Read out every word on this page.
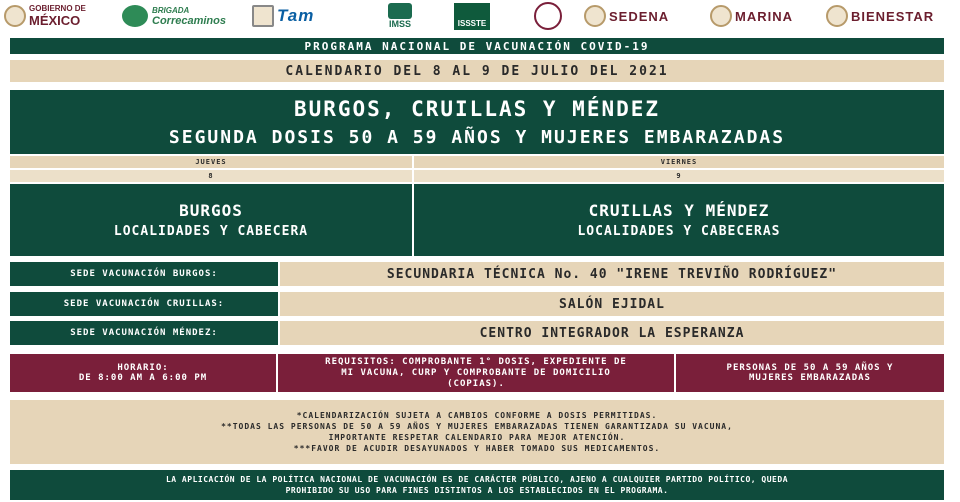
GOBIERNO DE
MÉXICO
BRIGADA
Correcaminos	Tam	IMSS	ISSSTE	SEDENA	MARINA	BIENESTAR
PROGRAMA NACIONAL DE VACUNACIÓN COVID-19
CALENDARIO DEL 8 AL 9 DE JULIO DEL 2021
BURGOS, CRUILLAS Y MÉNDEZ
SEGUNDA DOSIS 50 A 59 AÑOS Y MUJERES EMBARAZADAS
JUEVES	VIERNES
8	9
BURGOS
LOCALIDADES Y CABECERA
CRUILLAS Y MÉNDEZ
LOCALIDADES Y CABECERAS
SEDE VACUNACIÓN BURGOS:	SECUNDARIA TÉCNICA No. 40 "IRENE TREVIÑO RODRÍGUEZ"
SEDE VACUNACIÓN CRUILLAS:	SALÓN EJIDAL
SEDE VACUNACIÓN MÉNDEZ:	CENTRO INTEGRADOR LA ESPERANZA
HORARIO:
DE 8:00 AM A 6:00 PM
REQUISITOS: COMPROBANTE 1° DOSIS, EXPEDIENTE DE
MI VACUNA, CURP Y COMPROBANTE DE DOMICILIO
(COPIAS).
PERSONAS DE 50 A 59 AÑOS Y
MUJERES EMBARAZADAS
*CALENDARIZACIÓN SUJETA A CAMBIOS CONFORME A DOSIS PERMITIDAS.
**TODAS LAS PERSONAS DE 50 A 59 AÑOS Y MUJERES EMBARAZADAS TIENEN GARANTIZADA SU VACUNA,
IMPORTANTE RESPETAR CALENDARIO PARA MEJOR ATENCIÓN.
***FAVOR DE ACUDIR DESAYUNADOS Y HABER TOMADO SUS MEDICAMENTOS.
LA APLICACIÓN DE LA POLÍTICA NACIONAL DE VACUNACIÓN ES DE CARÁCTER PÚBLICO, AJENO A CUALQUIER PARTIDO POLÍTICO, QUEDA
PROHIBIDO SU USO PARA FINES DISTINTOS A LOS ESTABLECIDOS EN EL PROGRAMA.
